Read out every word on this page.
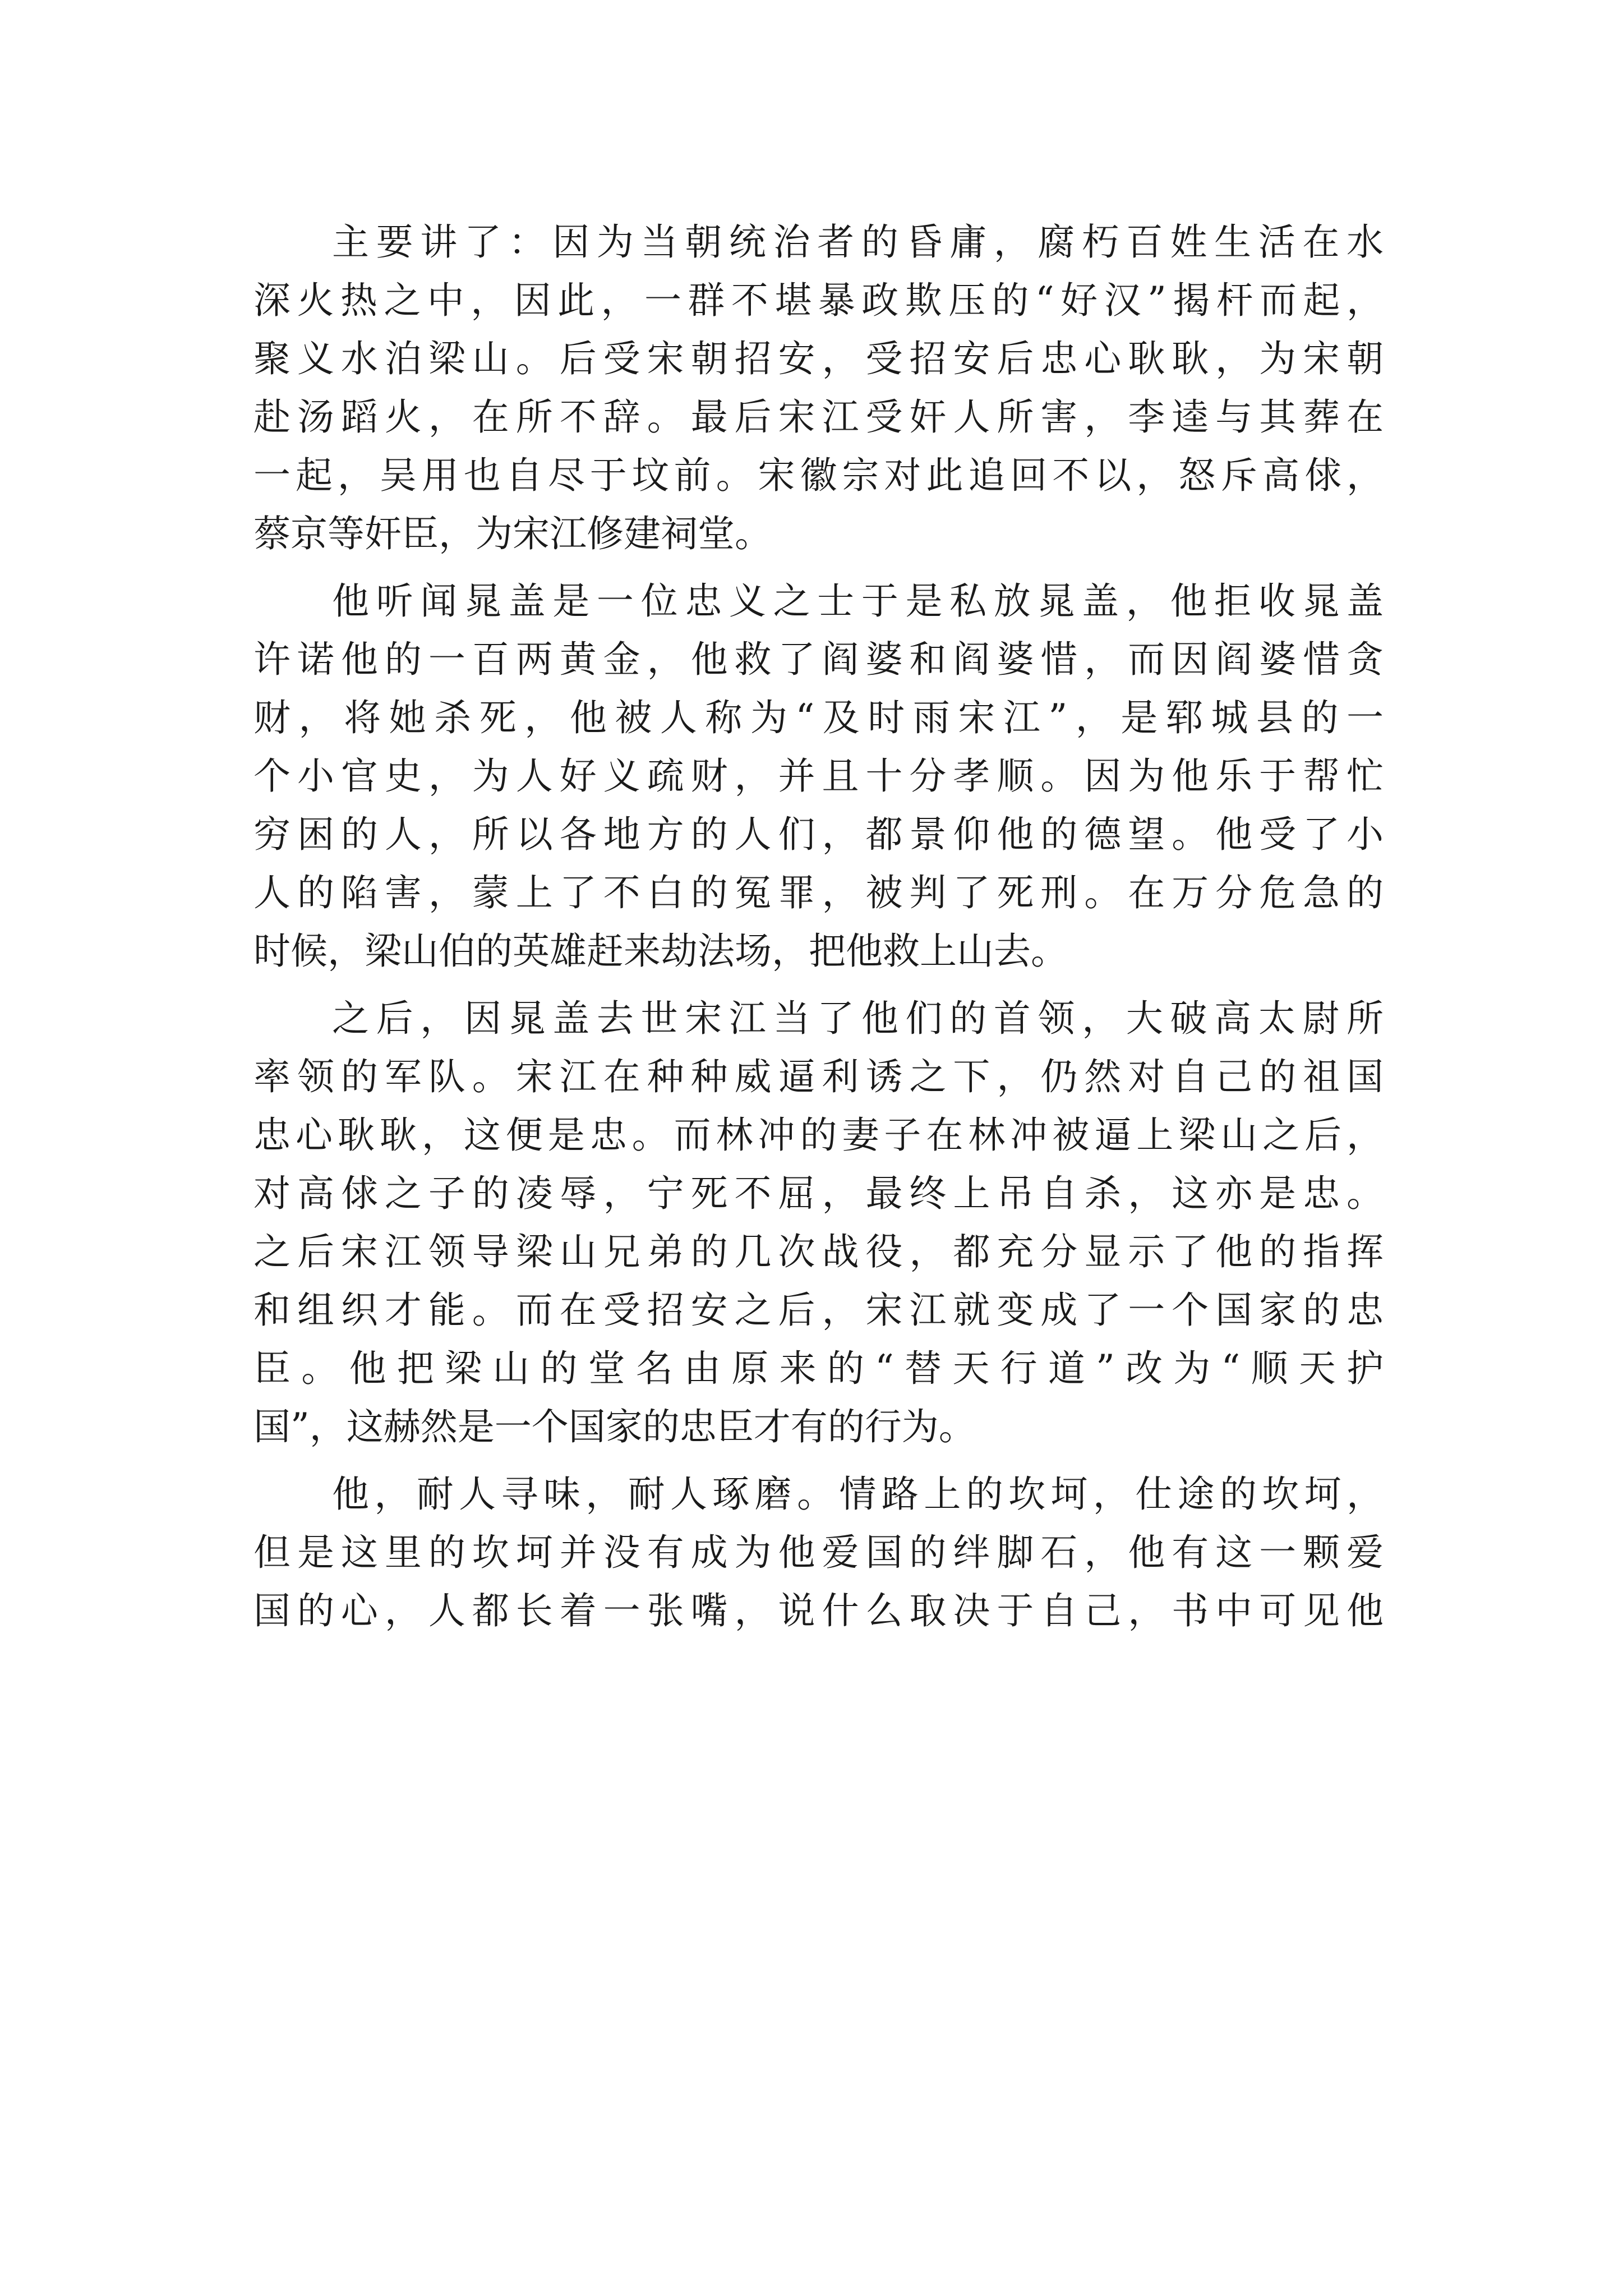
主要讲了：因为当朝统治者的昏庸，腐朽百姓生活在水
深火热之中，因此，一群不堪暴政欺压的“好汉”揭杆而起，
聚义水泊梁山。后受宋朝招安，受招安后忠心耿耿，为宋朝
赴汤蹈火，在所不辞。最后宋江受奸人所害，李逵与其葬在
一起，吴用也自尽于坟前。宋徽宗对此追回不以，怒斥高俅，
蔡京等奸臣，为宋江修建祠堂。
他听闻晁盖是一位忠义之士于是私放晁盖，他拒收晁盖
许诺他的一百两黄金，他救了阎婆和阎婆惜，而因阎婆惜贪
财，将她杀死，他被人称为“及时雨宋江”，是郓城县的一
个小官史，为人好义疏财，并且十分孝顺。因为他乐于帮忙
穷困的人，所以各地方的人们，都景仰他的德望。他受了小
人的陷害，蒙上了不白的冤罪，被判了死刑。在万分危急的
时候，梁山伯的英雄赶来劫法场，把他救上山去。
之后，因晁盖去世宋江当了他们的首领，大破高太尉所
率领的军队。宋江在种种威逼利诱之下，仍然对自己的祖国
忠心耿耿，这便是忠。而林冲的妻子在林冲被逼上梁山之后，
对高俅之子的凌辱，宁死不屈，最终上吊自杀，这亦是忠。
之后宋江领导梁山兄弟的几次战役，都充分显示了他的指挥
和组织才能。而在受招安之后，宋江就变成了一个国家的忠
臣。他把梁山的堂名由原来的“替天行道”改为“顺天护
国”，这赫然是一个国家的忠臣才有的行为。
他，耐人寻味，耐人琢磨。情路上的坎坷，仕途的坎坷，
但是这里的坎坷并没有成为他爱国的绊脚石，他有这一颗爱
国的心，人都长着一张嘴，说什么取决于自己，书中可见他
